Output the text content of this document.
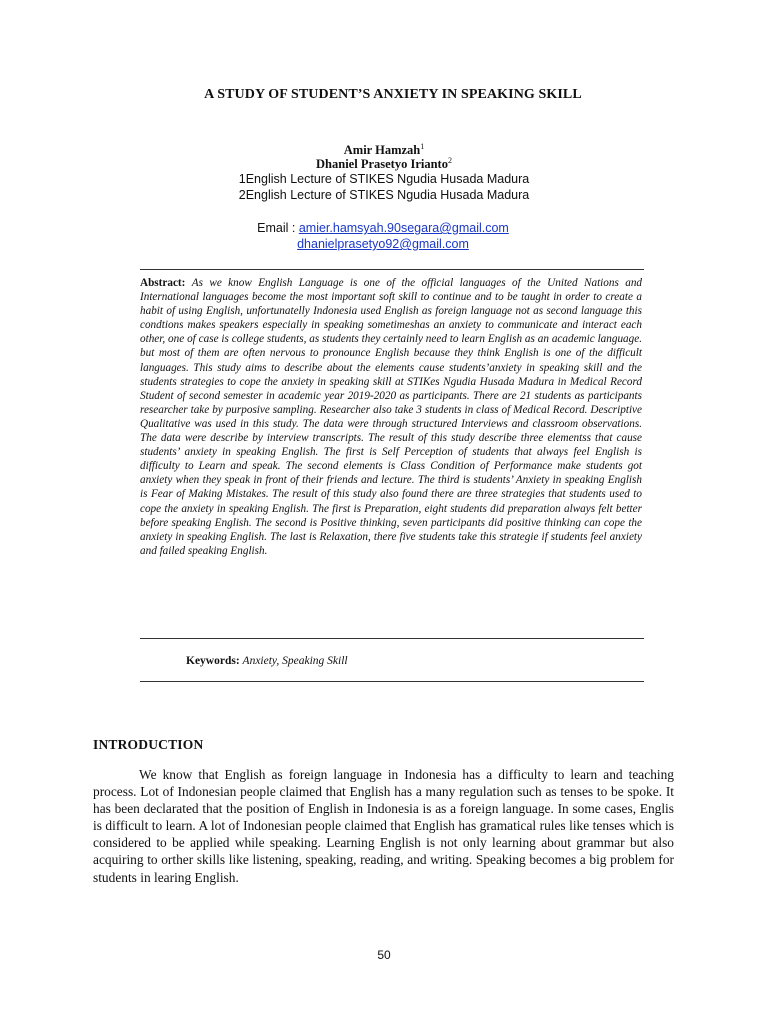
A STUDY OF STUDENT’S ANXIETY IN SPEAKING SKILL
Amir Hamzah$^1$
Dhaniel Prasetyo Irianto$^2$
1English Lecture of STIKES Ngudia Husada Madura
2English Lecture of STIKES Ngudia Husada Madura
Email : amier.hamsyah.90segara@gmail.com
dhanielprasetyo92@gmail.com

Abstract: As we know English Language is one of the official languages of the United Nations and International languages become the most important soft skill to continue and to be taught in order to create a habit of using English, unfortunatelly Indonesia used English as foreign language not as second language this condtions makes speakers especially in speaking sometimeshas an anxiety to communicate and interact each other, one of case is college students, as students they certainly need to learn English as an academic language. but most of them are often nervous to pronounce English because they think English is one of the difficult languages. This study aims to describe about the elements cause students’anxiety in speaking skill and the students strategies to cope the anxiety in speaking skill at STIKes Ngudia Husada Madura in Medical Record Student of second semester in academic year 2019-2020 as participants. There are 21 students as participants researcher take by purposive sampling. Researcher also take 3 students in class of Medical Record. Descriptive Qualitative was used in this study. The data were through structured Interviews and classroom observations. The data were describe by interview transcripts. The result of this study describe three elementss that cause students’ anxiety in speaking English. The first is Self Perception of students that always feel English is difficulty to Learn and speak. The second elements is Class Condition of Performance make students got anxiety when they speak in front of their friends and lecture. The third is students’ Anxiety in speaking English is Fear of Making Mistakes. The result of this study also found there are three strategies that students used to cope the anxiety in speaking English. The first is Preparation, eight students did preparation always felt better before speaking English. The second is Positive thinking, seven participants did positive thinking can cope the anxiety in speaking English. The last is Relaxation, there five students take this strategie if students feel anxiety and failed speaking English.

Keywords: Anxiety, Speaking Skill
INTRODUCTION

We know that English as foreign language in Indonesia has a difficulty to learn and teaching process. Lot of Indonesian people claimed that English has a many regulation such as tenses to be spoke. It has been declarated that the position of English in Indonesia is as a foreign language. In some cases, Englis is difficult to learn. A lot of Indonesian people claimed that English has gramatical rules like tenses which is considered to be applied while speaking. Learning English is not only learning about grammar but also acquiring to orther skills like listening, speaking, reading, and writing. Speaking becomes a big problem for students in learing English.

50
